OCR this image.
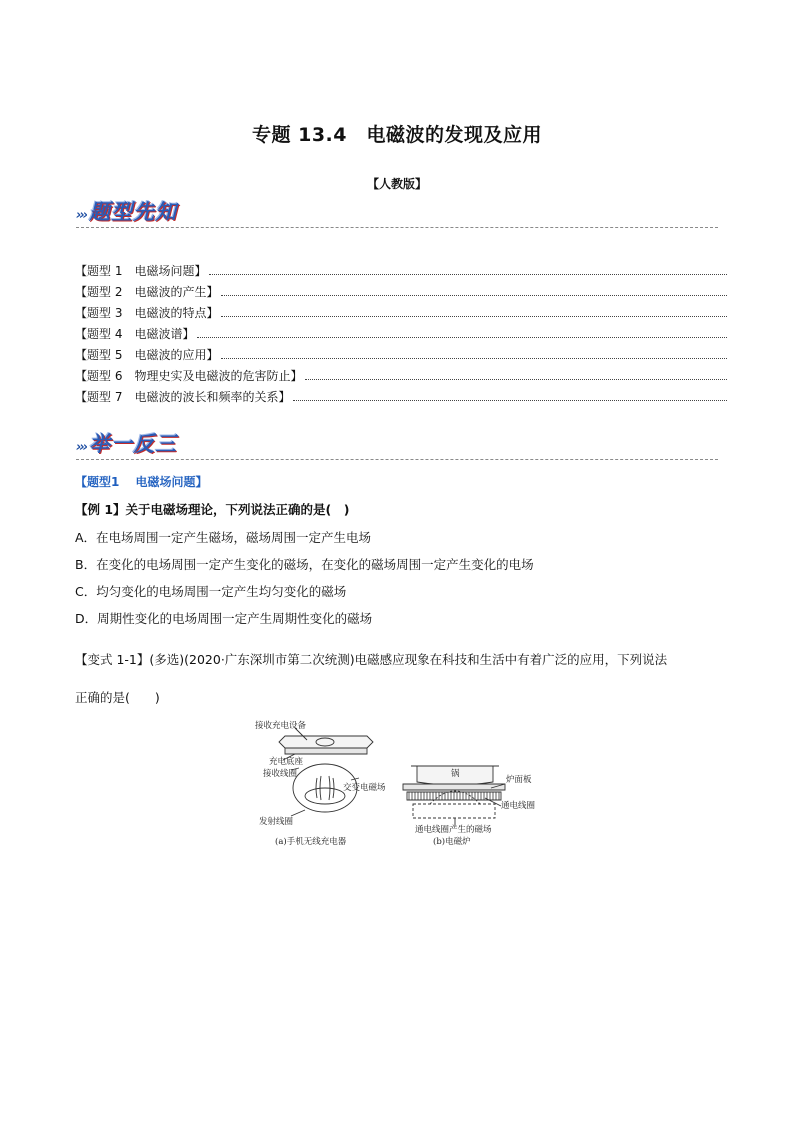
专题 13.4　电磁波的发现及应用
【人教版】
››› 题型先知
【题型 1　电磁场问题】
【题型 2　电磁波的产生】
【题型 3　电磁波的特点】
【题型 4　电磁波谱】
【题型 5　电磁波的应用】
【题型 6　物理史实及电磁波的危害防止】
【题型 7　电磁波的波长和频率的关系】
››› 举一反三
【题型1　 电磁场问题】
【例 1】关于电磁场理论，下列说法正确的是(　)
A．在电场周围一定产生磁场，磁场周围一定产生电场
B．在变化的电场周围一定产生变化的磁场，在变化的磁场周围一定产生变化的电场
C．均匀变化的电场周围一定产生均匀变化的磁场
D．周期性变化的电场周围一定产生周期性变化的磁场
【变式 1-1】(多选)(2020·广东深圳市第二次统测)电磁感应现象在科技和生活中有着广泛的应用，下列说法
正确的是(　　)
接收充电设备
充电底座
接收线圈
交变电磁场
发射线圈
(a)手机无线充电器
锅
炉面板
通电线圈
通电线圈产生的磁场
(b)电磁炉
